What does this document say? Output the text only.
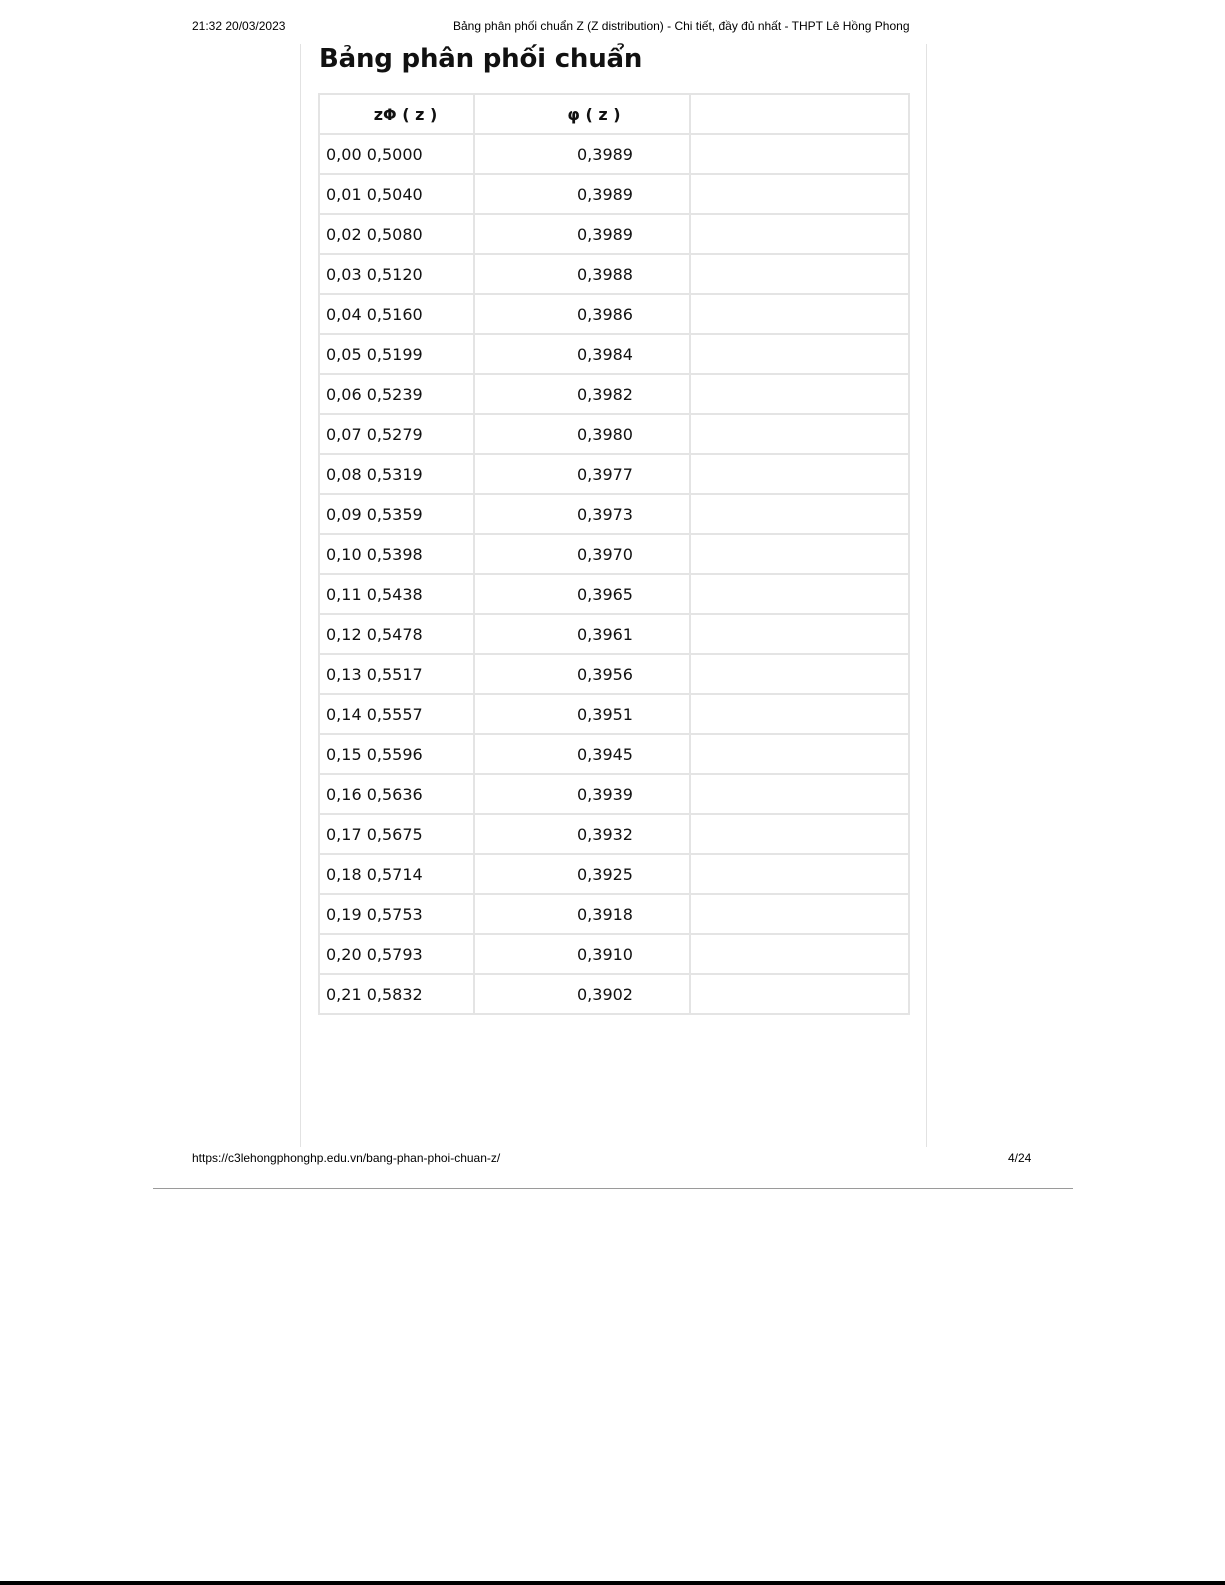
21:32 20/03/2023	Bảng phân phối chuẩn Z (Z distribution) - Chi tiết, đầy đủ nhất - THPT Lê Hồng Phong
Bảng phân phối chuẩn
zΦ ( z )	φ ( z )	
0,00 0,5000	0,3989	
0,01 0,5040	0,3989	
0,02 0,5080	0,3989	
0,03 0,5120	0,3988	
0,04 0,5160	0,3986	
0,05 0,5199	0,3984	
0,06 0,5239	0,3982	
0,07 0,5279	0,3980	
0,08 0,5319	0,3977	
0,09 0,5359	0,3973	
0,10 0,5398	0,3970	
0,11 0,5438	0,3965	
0,12 0,5478	0,3961	
0,13 0,5517	0,3956	
0,14 0,5557	0,3951	
0,15 0,5596	0,3945	
0,16 0,5636	0,3939	
0,17 0,5675	0,3932	
0,18 0,5714	0,3925	
0,19 0,5753	0,3918	
0,20 0,5793	0,3910	
0,21 0,5832	0,3902	
https://c3lehongphonghp.edu.vn/bang-phan-phoi-chuan-z/	4/24
